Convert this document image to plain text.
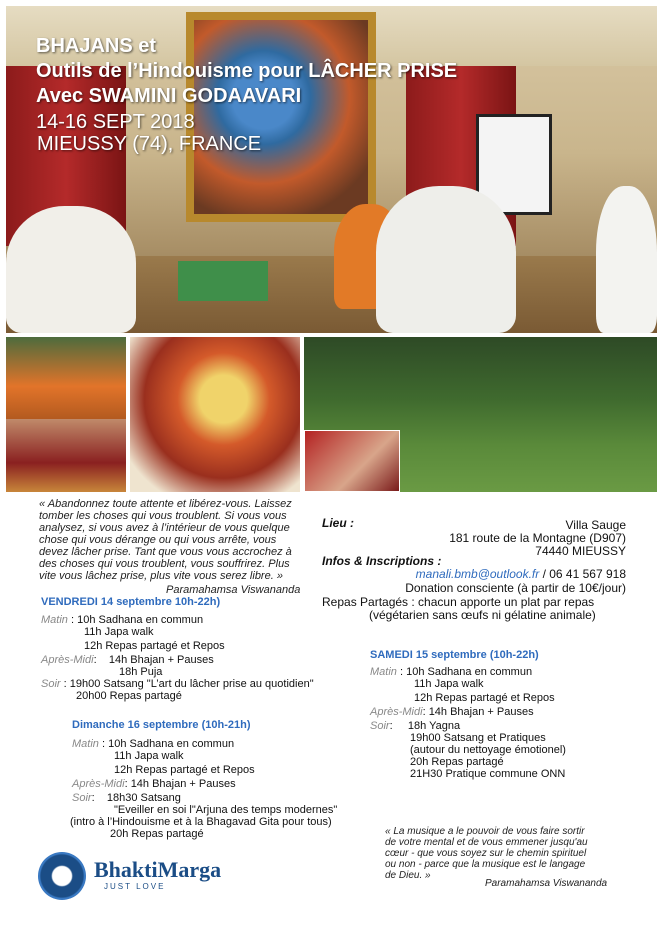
BHAJANS et
Outils de l’Hindouisme pour LÂCHER PRISE
Avec SWAMINI GODAAVARI
14-16 SEPT 2018
MIEUSSY (74), FRANCE
« Abandonnez toute attente et libérez-vous. Laissez
tomber les choses qui vous troublent. Si vous vous
analysez, si vous avez à l’intérieur de vous quelque
chose qui vous dérange ou qui vous arrête, vous
devez lâcher prise. Tant que vous vous accrochez à
des choses qui vous troublent, vous souffrirez. Plus
vite vous lâchez prise, plus vite vous serez libre. »
Paramahamsa Viswananda
Lieu :	Villa Sauge
181 route de la Montagne (D907)
74440 MIEUSSY
Infos & Inscriptions :
manali.bmb@outlook.fr / 06 41 567 918
Donation consciente (à partir de 10€/jour)
Repas Partagés : chacun apporte un plat par repas
(végétarien sans œufs ni gélatine animale)
VENDREDI 14 septembre 10h-22h)
Matin : 10h Sadhana en commun
11h Japa walk
12h Repas partagé et Repos
Après-Midi:    14h Bhajan + Pauses
18h Puja
Soir : 19h00 Satsang "L’art du lâcher prise au quotidien"
20h00 Repas partagé
SAMEDI 15 septembre (10h-22h)
Matin : 10h Sadhana en commun
11h Japa walk
12h Repas partagé et Repos
Après-Midi: 14h Bhajan + Pauses
Soir:     18h Yagna
19h00 Satsang et Pratiques
(autour du nettoyage émotionel)
20h Repas partagé
21H30 Pratique commune ONN
Dimanche 16 septembre (10h-21h)
Matin : 10h Sadhana en commun
11h Japa walk
12h Repas partagé et Repos
Après-Midi: 14h Bhajan + Pauses
Soir:    18h30 Satsang
"Eveiller en soi l"Arjuna des temps modernes"
(intro à l’Hindouisme et à la Bhagavad Gita pour tous)
20h Repas partagé	« La musique a le pouvoir de vous faire sortir
de votre mental et de vous emmener jusqu'au
cœur - que vous soyez sur le chemin spirituel
ou non - parce que la musique est le langage
de Dieu. »
Paramahamsa Viswananda
BhaktiMarga
JUST LOVE
